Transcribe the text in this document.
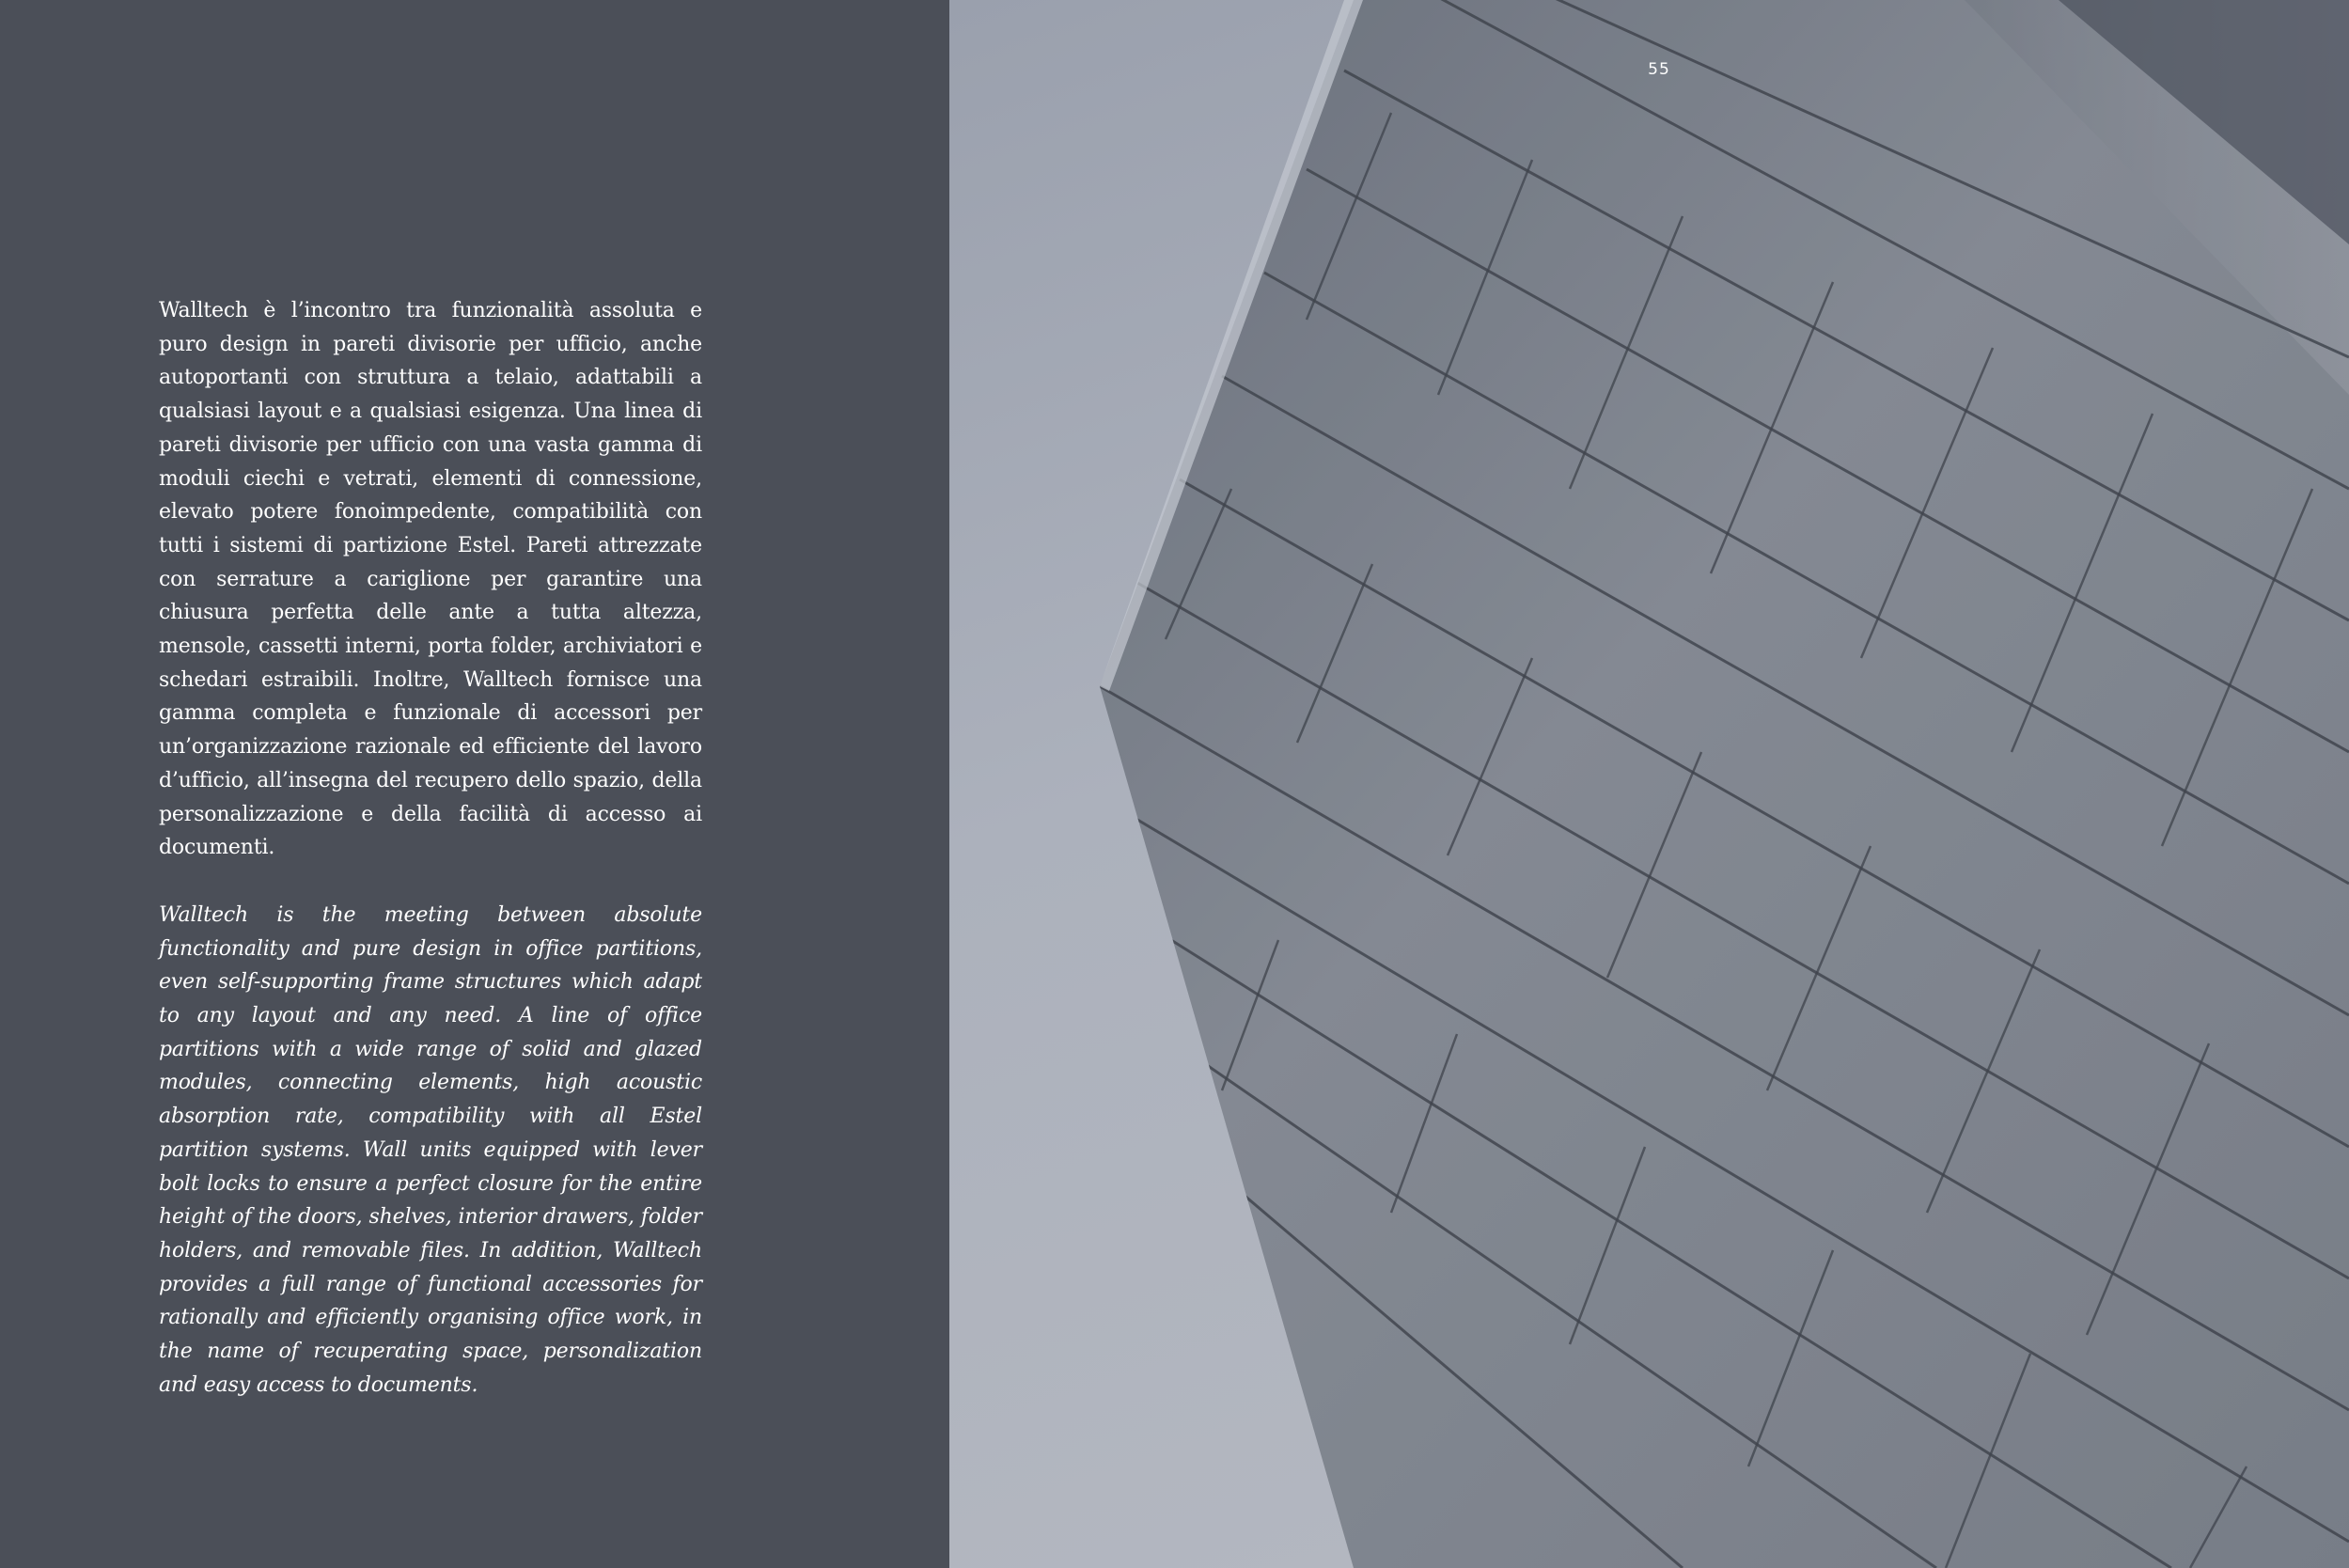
Walltech è l’incontro tra funzionalità assoluta e puro design in pareti divisorie per ufficio, anche autoportanti con struttura a telaio, adattabili a qualsiasi layout e a qualsiasi esigenza. Una linea di pareti divisorie per ufficio con una vasta gamma di moduli ciechi e vetrati, elementi di connessione, elevato potere fonoimpedente, compatibilità con tutti i sistemi di partizione Estel. Pareti attrezzate con serrature a cariglione per garantire una chiusura perfetta delle ante a tutta altezza, mensole, cassetti interni, porta folder, archiviatori e schedari estraibili. Inoltre, Walltech fornisce una gamma completa e funzionale di accessori per un’organizzazione razionale ed efficiente del lavoro d’ufficio, all’insegna del recupero dello spazio, della personalizzazione e della facilità di accesso ai documenti.

Walltech is the meeting between absolute functionality and pure design in office partitions, even self-supporting frame structures which adapt to any layout and any need. A line of office partitions with a wide range of solid and glazed modules, connecting elements, high acoustic absorption rate, compatibility with all Estel partition systems. Wall units equipped with lever bolt locks to ensure a perfect closure for the entire height of the doors, shelves, interior drawers, folder holders, and removable files. In addition, Walltech provides a full range of functional accessories for rationally and efficiently organising office work, in the name of recuperating space, personalization and easy access to documents.

55
